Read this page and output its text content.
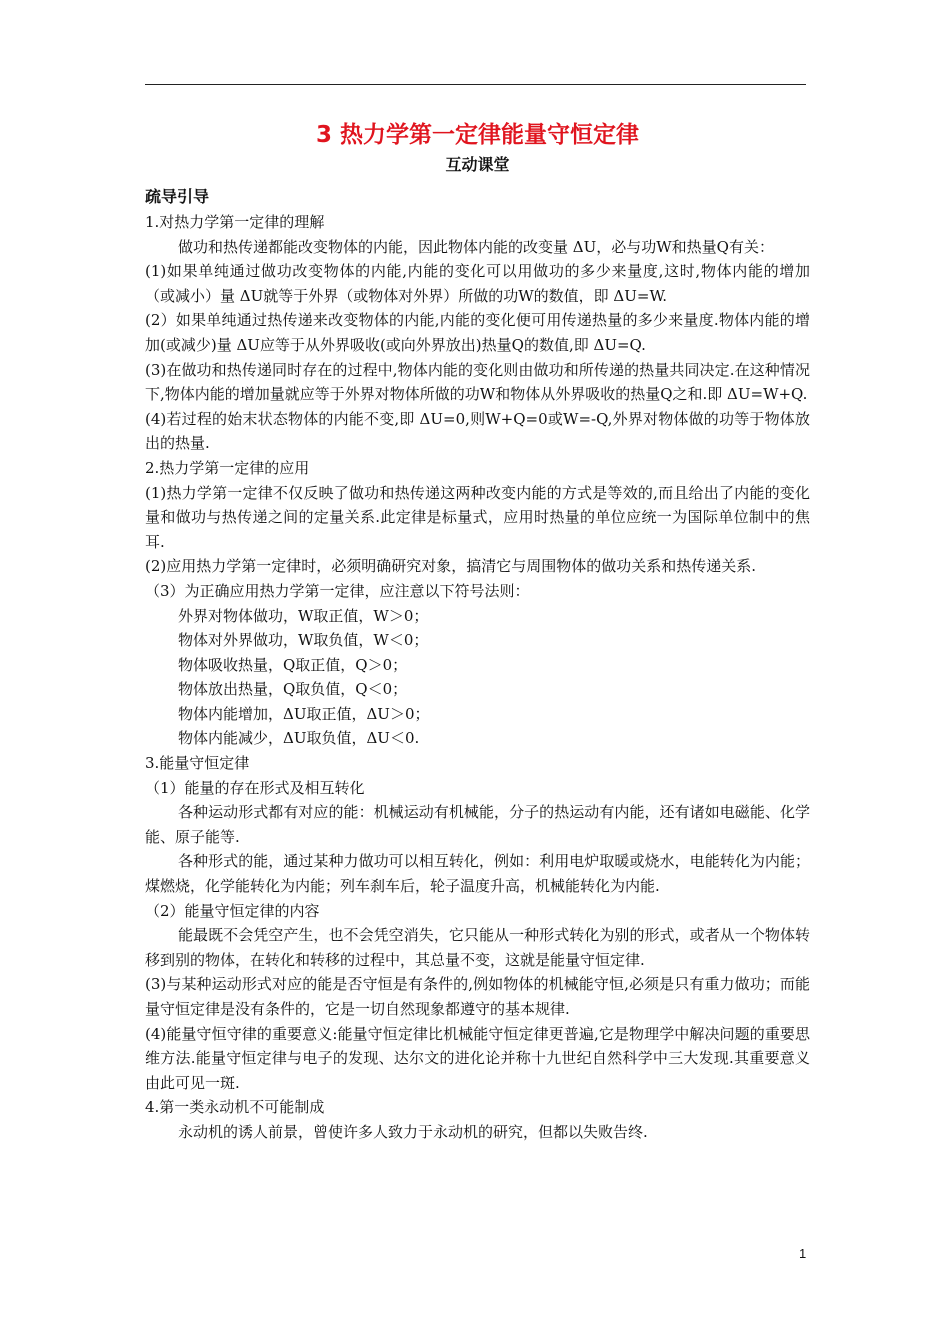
3 热力学第一定律能量守恒定律
互动课堂
疏导引导
1.对热力学第一定律的理解
做功和热传递都能改变物体的内能，因此物体内能的改变量 ΔU，必与功W和热量Q有关：
(1)如果单纯通过做功改变物体的内能,内能的变化可以用做功的多少来量度,这时,物体内能的增加（或减小）量 ΔU就等于外界（或物体对外界）所做的功W的数值，即 ΔU=W.
(2）如果单纯通过热传递来改变物体的内能,内能的变化便可用传递热量的多少来量度.物体内能的增加(或减少)量 ΔU应等于从外界吸收(或向外界放出)热量Q的数值,即 ΔU=Q.
(3)在做功和热传递同时存在的过程中,物体内能的变化则由做功和所传递的热量共同决定.在这种情况下,物体内能的增加量就应等于外界对物体所做的功W和物体从外界吸收的热量Q之和.即 ΔU=W+Q.
(4)若过程的始末状态物体的内能不变,即 ΔU=0,则W+Q=0或W=-Q,外界对物体做的功等于物体放出的热量.
2.热力学第一定律的应用
(1)热力学第一定律不仅反映了做功和热传递这两种改变内能的方式是等效的,而且给出了内能的变化量和做功与热传递之间的定量关系.此定律是标量式，应用时热量的单位应统一为国际单位制中的焦耳.
(2)应用热力学第一定律时，必须明确研究对象，搞清它与周围物体的做功关系和热传递关系.
（3）为正确应用热力学第一定律，应注意以下符号法则：
外界对物体做功，W取正值，W＞0；
物体对外界做功，W取负值，W＜0；
物体吸收热量，Q取正值，Q＞0；
物体放出热量，Q取负值，Q＜0；
物体内能增加，ΔU取正值，ΔU＞0；
物体内能减少，ΔU取负值，ΔU＜0.
3.能量守恒定律
（1）能量的存在形式及相互转化
各种运动形式都有对应的能：机械运动有机械能，分子的热运动有内能，还有诸如电磁能、化学能、原子能等.
各种形式的能，通过某种力做功可以相互转化，例如：利用电炉取暖或烧水，电能转化为内能；煤燃烧，化学能转化为内能；列车刹车后，轮子温度升高，机械能转化为内能.
（2）能量守恒定律的内容
能最既不会凭空产生，也不会凭空消失，它只能从一种形式转化为别的形式，或者从一个物体转移到别的物体，在转化和转移的过程中，其总量不变，这就是能量守恒定律.
(3)与某种运动形式对应的能是否守恒是有条件的,例如物体的机械能守恒,必须是只有重力做功；而能量守恒定律是没有条件的，它是一切自然现象都遵守的基本规律.
(4)能量守恒守律的重要意义:能量守恒定律比机械能守恒定律更普遍,它是物理学中解决问题的重要思维方法.能量守恒定律与电子的发现、达尔文的进化论并称十九世纪自然科学中三大发现.其重要意义由此可见一斑.
4.第一类永动机不可能制成
永动机的诱人前景，曾使许多人致力于永动机的研究，但都以失败告终.
1
